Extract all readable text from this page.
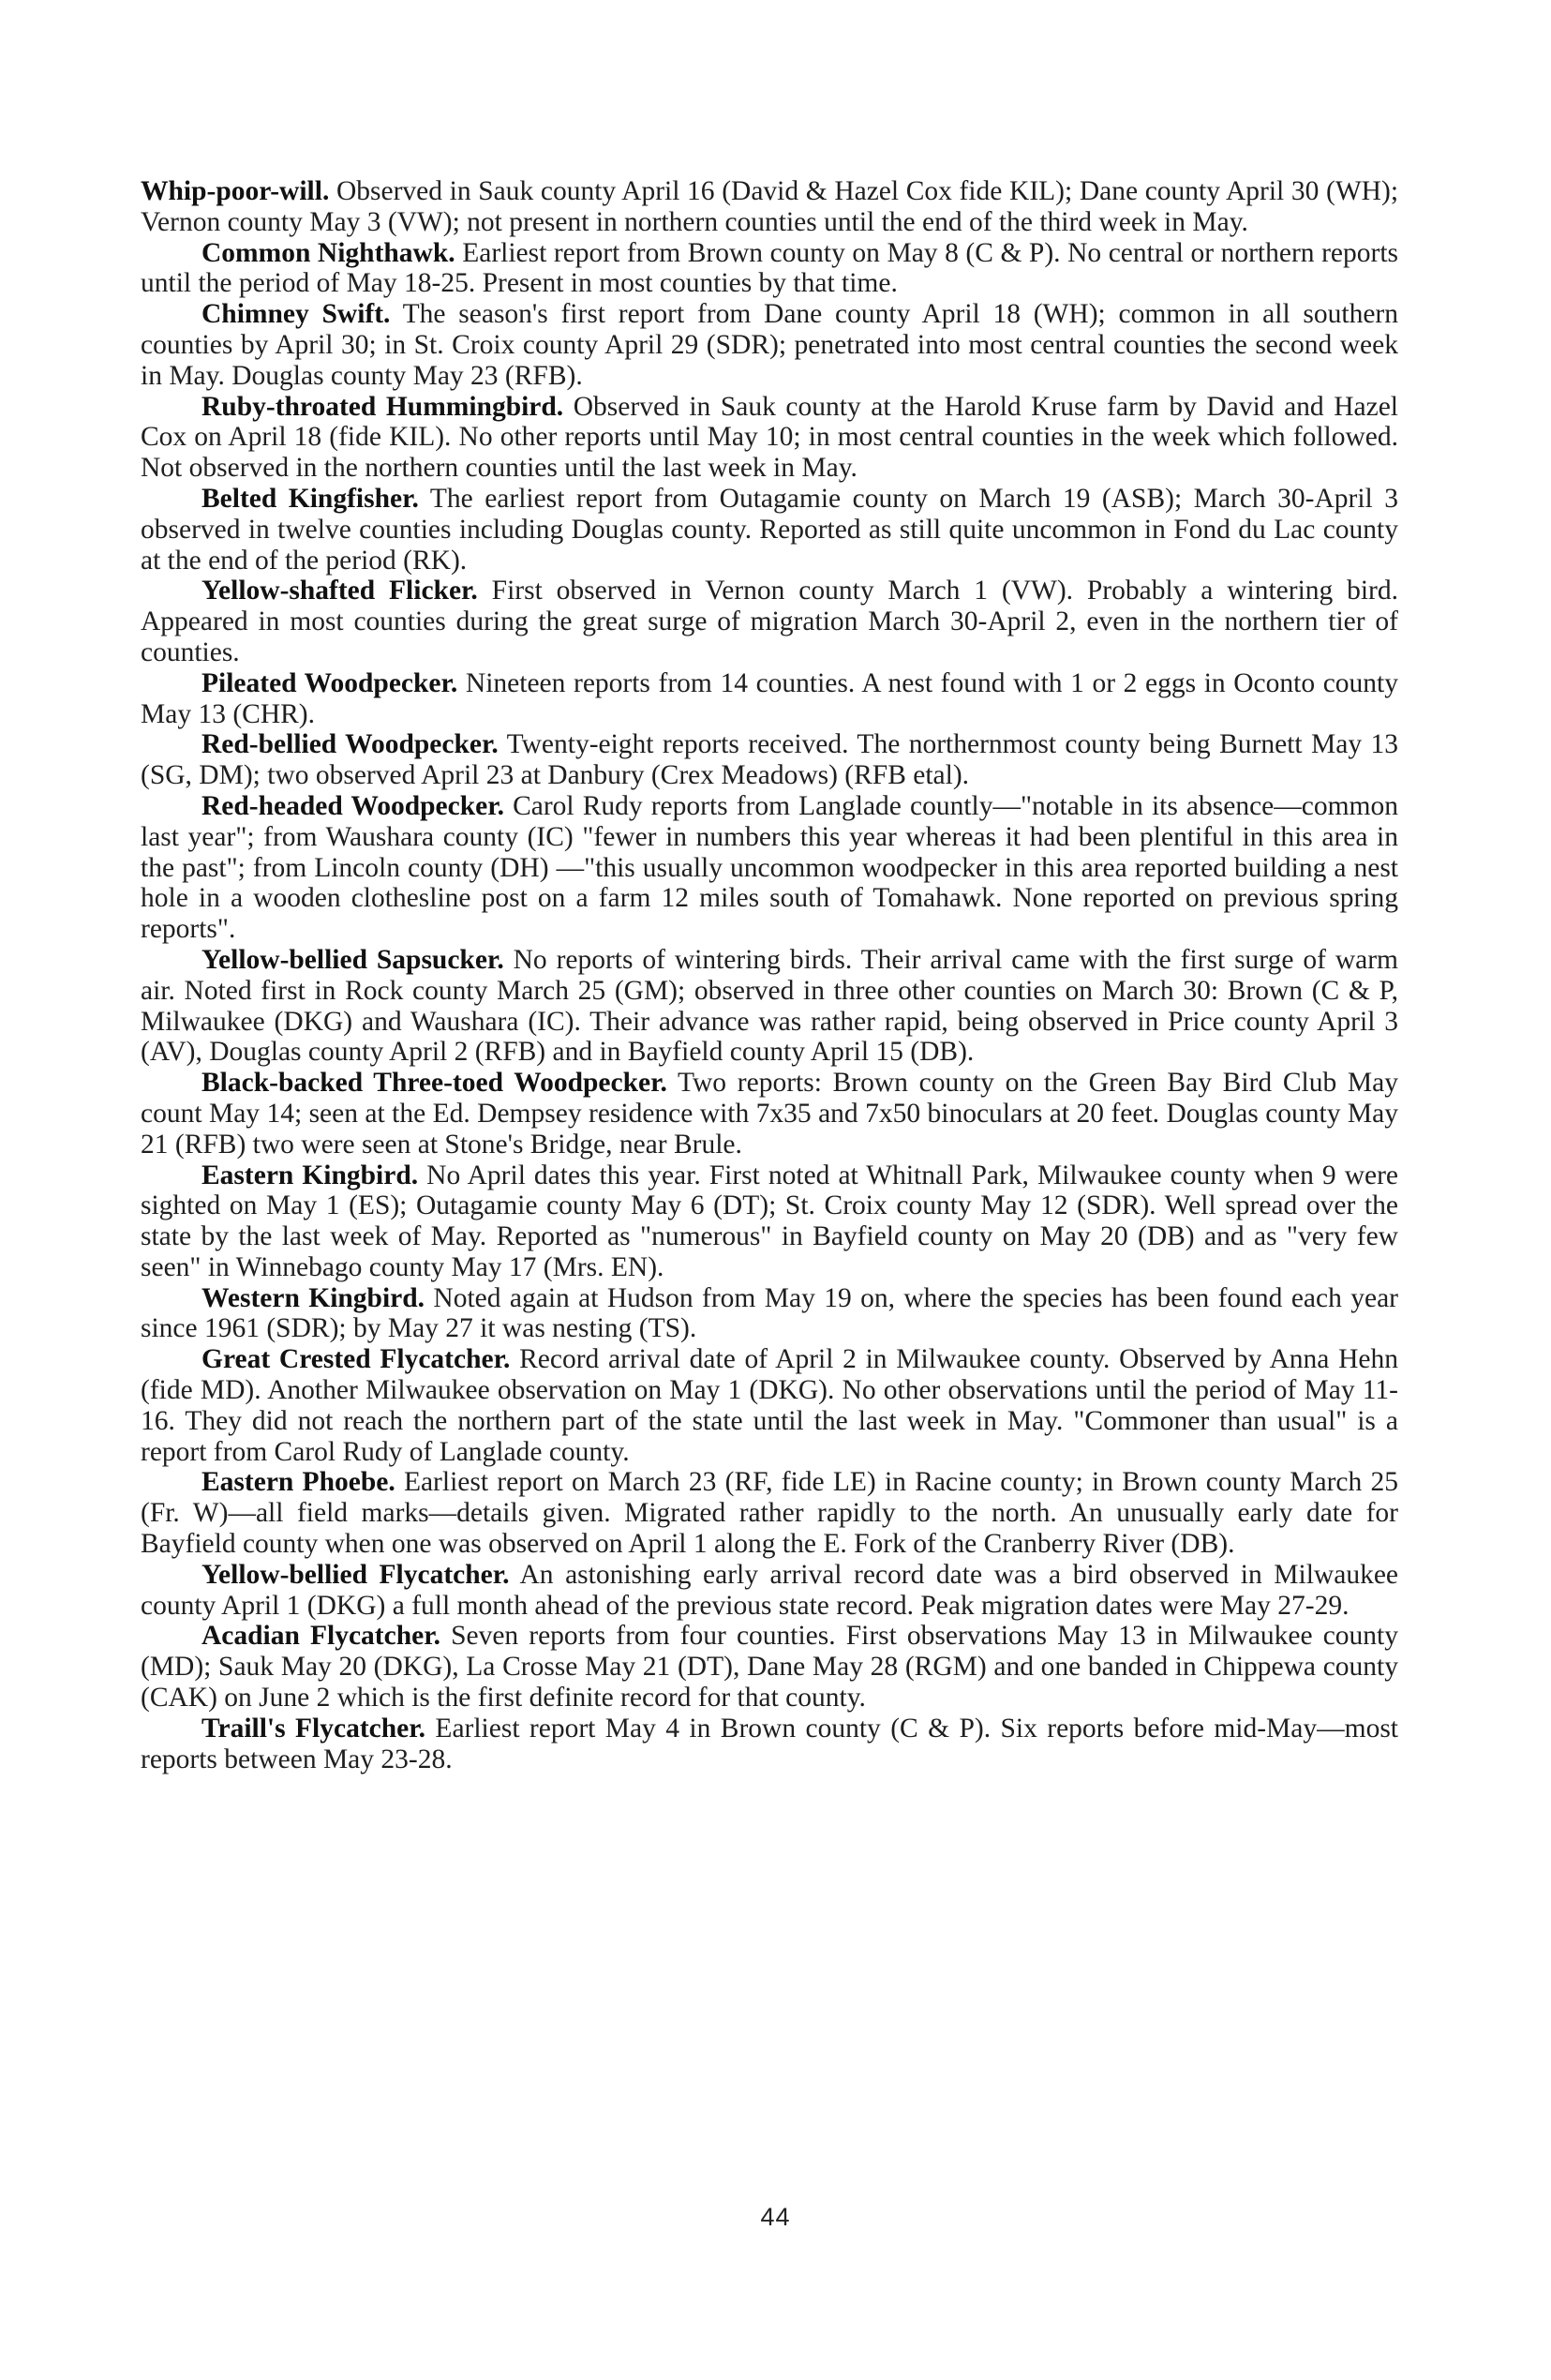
Whip-poor-will. Observed in Sauk county April 16 (David & Hazel Cox fide KIL); Dane county April 30 (WH); Vernon county May 3 (VW); not present in northern counties until the end of the third week in May.

Common Nighthawk. Earliest report from Brown county on May 8 (C & P). No central or northern reports until the period of May 18-25. Present in most counties by that time.

Chimney Swift. The season's first report from Dane county April 18 (WH); common in all southern counties by April 30; in St. Croix county April 29 (SDR); penetrated into most central counties the second week in May. Douglas county May 23 (RFB).

Ruby-throated Hummingbird. Observed in Sauk county at the Harold Kruse farm by David and Hazel Cox on April 18 (fide KIL). No other reports until May 10; in most central counties in the week which followed. Not observed in the northern counties until the last week in May.

Belted Kingfisher. The earliest report from Outagamie county on March 19 (ASB); March 30-April 3 observed in twelve counties including Douglas county. Reported as still quite uncommon in Fond du Lac county at the end of the period (RK).

Yellow-shafted Flicker. First observed in Vernon county March 1 (VW). Probably a wintering bird. Appeared in most counties during the great surge of migration March 30-April 2, even in the northern tier of counties.

Pileated Woodpecker. Nineteen reports from 14 counties. A nest found with 1 or 2 eggs in Oconto county May 13 (CHR).

Red-bellied Woodpecker. Twenty-eight reports received. The northernmost county being Burnett May 13 (SG, DM); two observed April 23 at Danbury (Crex Meadows) (RFB etal).

Red-headed Woodpecker. Carol Rudy reports from Langlade countly—"notable in its absence—common last year"; from Waushara county (IC) "fewer in numbers this year whereas it had been plentiful in this area in the past"; from Lincoln county (DH) —"this usually uncommon woodpecker in this area reported building a nest hole in a wooden clothesline post on a farm 12 miles south of Tomahawk. None reported on previous spring reports".

Yellow-bellied Sapsucker. No reports of wintering birds. Their arrival came with the first surge of warm air. Noted first in Rock county March 25 (GM); observed in three other counties on March 30: Brown (C & P, Milwaukee (DKG) and Waushara (IC). Their advance was rather rapid, being observed in Price county April 3 (AV), Douglas county April 2 (RFB) and in Bayfield county April 15 (DB).

Black-backed Three-toed Woodpecker. Two reports: Brown county on the Green Bay Bird Club May count May 14; seen at the Ed. Dempsey residence with 7x35 and 7x50 binoculars at 20 feet. Douglas county May 21 (RFB) two were seen at Stone's Bridge, near Brule.

Eastern Kingbird. No April dates this year. First noted at Whitnall Park, Milwaukee county when 9 were sighted on May 1 (ES); Outagamie county May 6 (DT); St. Croix county May 12 (SDR). Well spread over the state by the last week of May. Reported as "numerous" in Bayfield county on May 20 (DB) and as "very few seen" in Winnebago county May 17 (Mrs. EN).

Western Kingbird. Noted again at Hudson from May 19 on, where the species has been found each year since 1961 (SDR); by May 27 it was nesting (TS).

Great Crested Flycatcher. Record arrival date of April 2 in Milwaukee county. Observed by Anna Hehn (fide MD). Another Milwaukee observation on May 1 (DKG). No other observations until the period of May 11-16. They did not reach the northern part of the state until the last week in May. "Commoner than usual" is a report from Carol Rudy of Langlade county.

Eastern Phoebe. Earliest report on March 23 (RF, fide LE) in Racine county; in Brown county March 25 (Fr. W)—all field marks—details given. Migrated rather rapidly to the north. An unusually early date for Bayfield county when one was observed on April 1 along the E. Fork of the Cranberry River (DB).

Yellow-bellied Flycatcher. An astonishing early arrival record date was a bird observed in Milwaukee county April 1 (DKG) a full month ahead of the previous state record. Peak migration dates were May 27-29.

Acadian Flycatcher. Seven reports from four counties. First observations May 13 in Milwaukee county (MD); Sauk May 20 (DKG), La Crosse May 21 (DT), Dane May 28 (RGM) and one banded in Chippewa county (CAK) on June 2 which is the first definite record for that county.

Traill's Flycatcher. Earliest report May 4 in Brown county (C & P). Six reports before mid-May—most reports between May 23-28.

44
